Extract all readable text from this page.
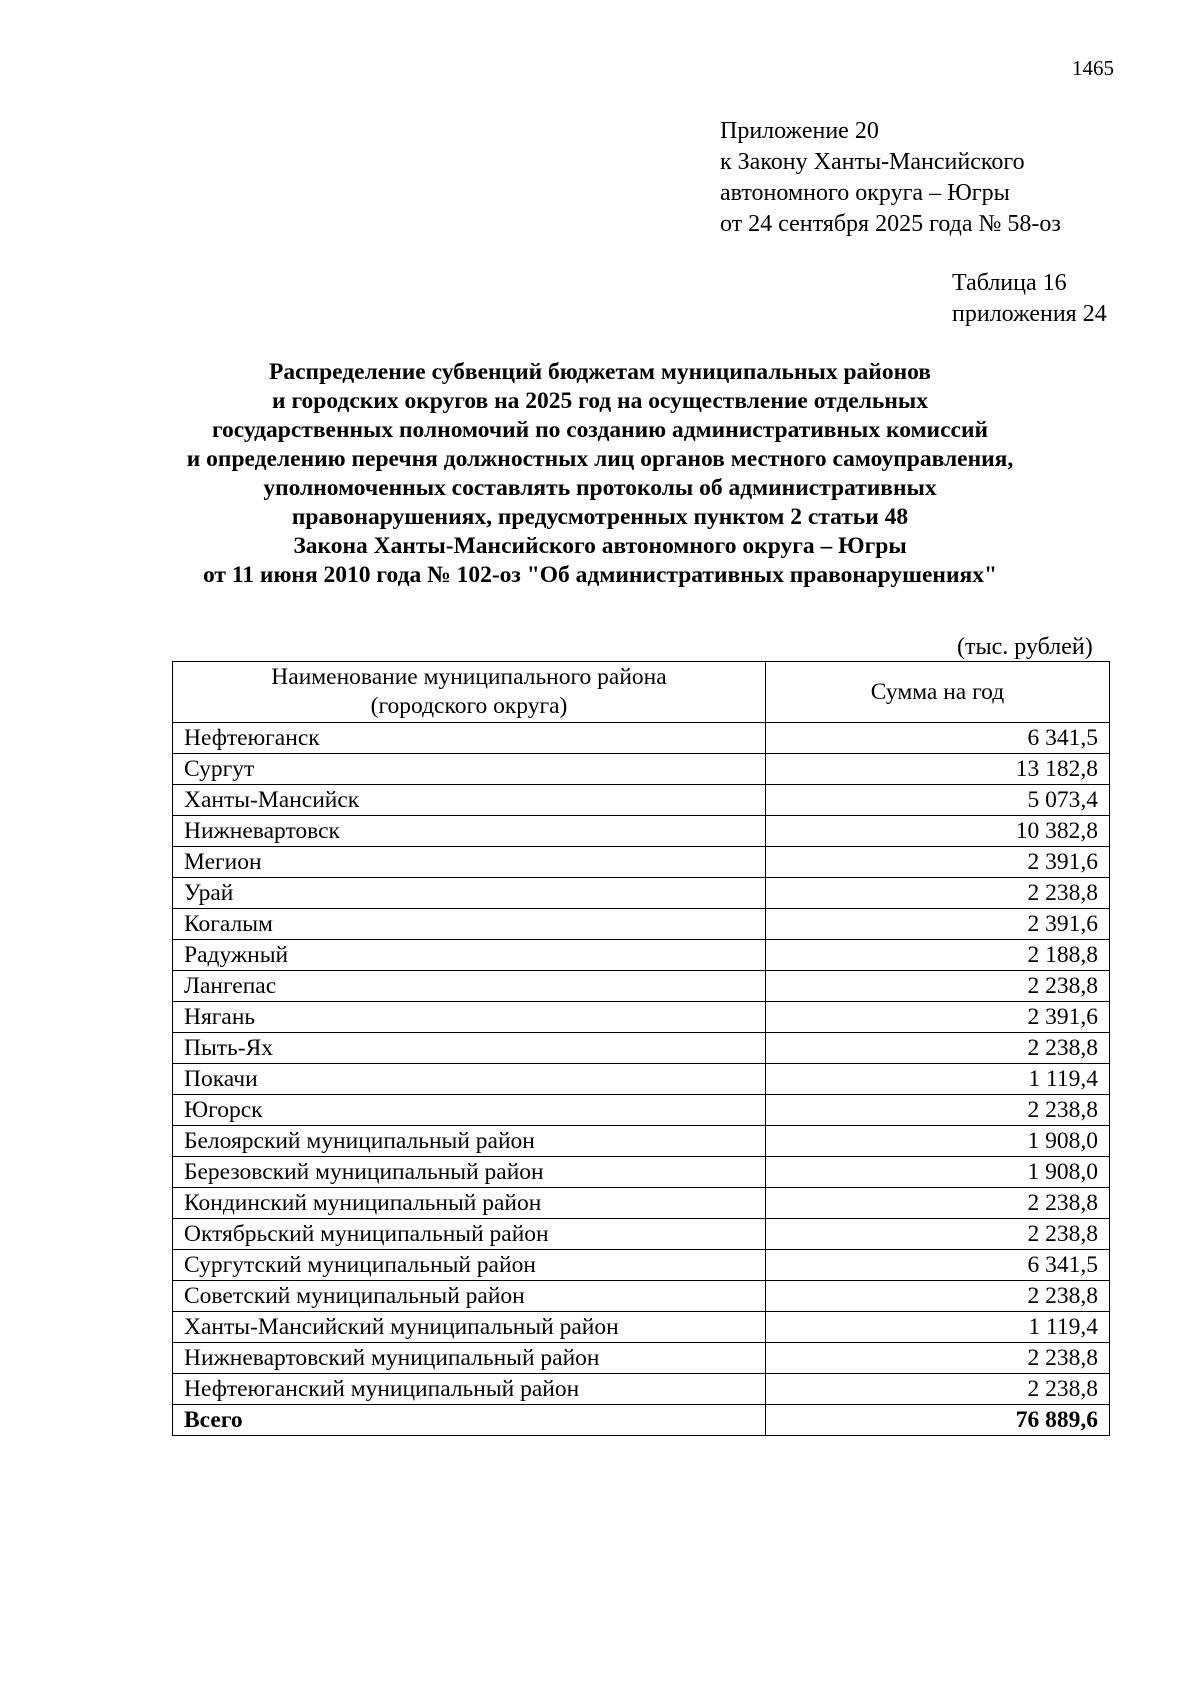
1465
Приложение 20
к Закону Ханты-Мансийского
автономного округа – Югры
от 24 сентября 2025 года № 58-оз
Таблица 16
приложения 24
Распределение субвенций бюджетам муниципальных районов
и городских округов на 2025 год на осуществление отдельных
государственных полномочий по созданию административных комиссий
и определению перечня должностных лиц органов местного самоуправления,
уполномоченных составлять протоколы об административных
правонарушениях, предусмотренных пунктом 2 статьи 48
Закона Ханты-Мансийского автономного округа – Югры
от 11 июня 2010 года № 102-оз "Об административных правонарушениях"
(тыс. рублей)
Наименование муниципального района
(городского округа)	Сумма на год
Нефтеюганск	6 341,5
Сургут	13 182,8
Ханты-Мансийск	5 073,4
Нижневартовск	10 382,8
Мегион	2 391,6
Урай	2 238,8
Когалым	2 391,6
Радужный	2 188,8
Лангепас	2 238,8
Нягань	2 391,6
Пыть-Ях	2 238,8
Покачи	1 119,4
Югорск	2 238,8
Белоярский муниципальный район	1 908,0
Березовский муниципальный район	1 908,0
Кондинский муниципальный район	2 238,8
Октябрьский муниципальный район	2 238,8
Сургутский муниципальный район	6 341,5
Советский муниципальный район	2 238,8
Ханты-Мансийский муниципальный район	1 119,4
Нижневартовский муниципальный район	2 238,8
Нефтеюганский муниципальный район	2 238,8
Всего	76 889,6
